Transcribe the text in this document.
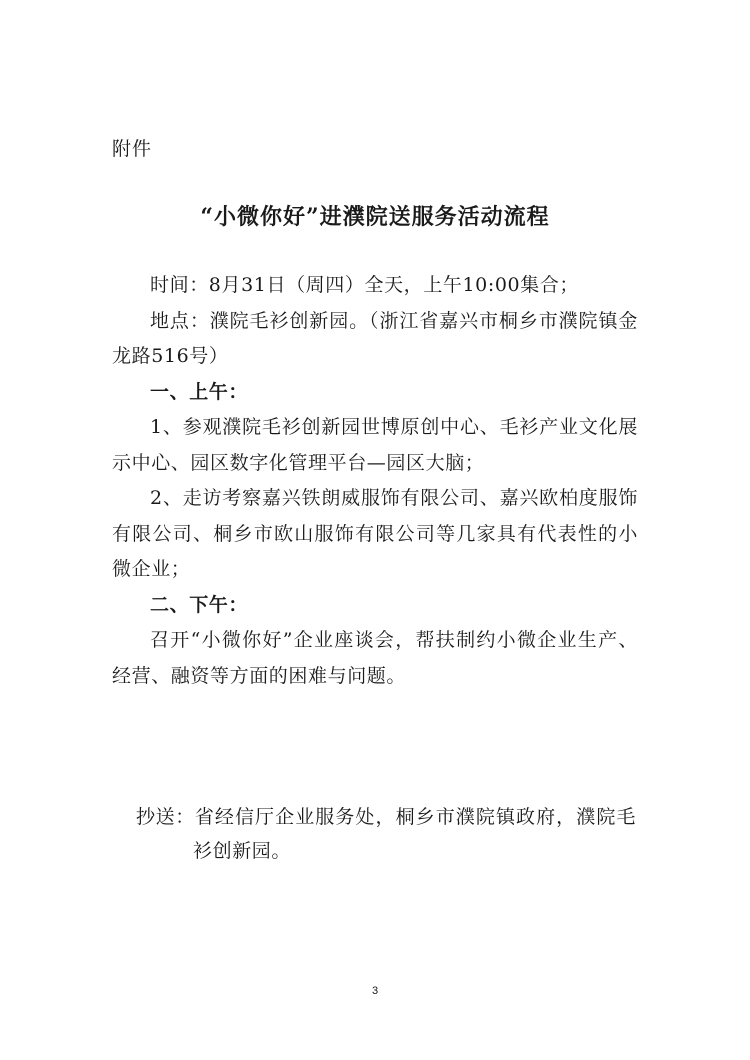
附件
“小微你好”进濮院送服务活动流程

时间：8月31日（周四）全天，上午10:00集合；

地点：濮院毛衫创新园。（浙江省嘉兴市桐乡市濮院镇金龙路516号）

一、上午：

1、参观濮院毛衫创新园世博原创中心、毛衫产业文化展示中心、园区数字化管理平台—园区大脑；

2、走访考察嘉兴铁朗威服饰有限公司、嘉兴欧柏度服饰有限公司、桐乡市欧山服饰有限公司等几家具有代表性的小微企业；

二、下午：

召开“小微你好”企业座谈会，帮扶制约小微企业生产、经营、融资等方面的困难与问题。

抄送： 省经信厅企业服务处，桐乡市濮院镇政府，濮院毛衫创新园。
3
